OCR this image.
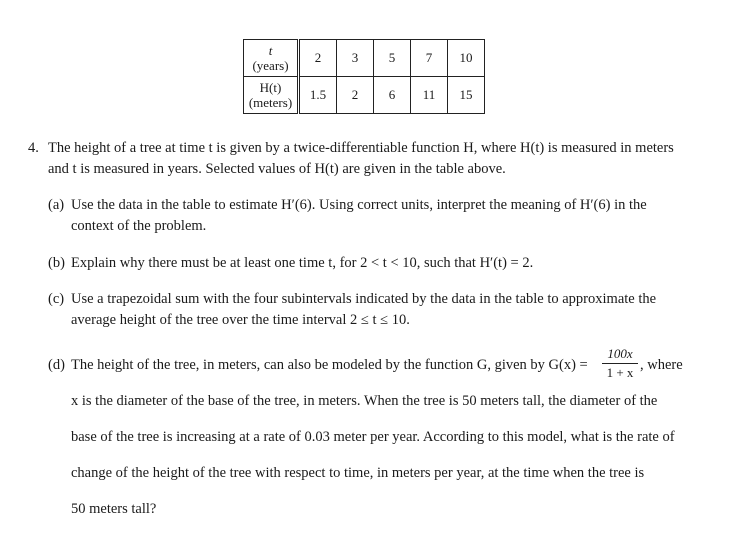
t
(years)	2	3	5	7	10

H(t)
(meters)	1.5	2	6	11	15
4. The height of a tree at time t is given by a twice-differentiable function H, where H(t) is measured in meters
and t is measured in years. Selected values of H(t) are given in the table above.
(a) Use the data in the table to estimate H′(6). Using correct units, interpret the meaning of H′(6) in the
context of the problem.
(b) Explain why there must be at least one time t, for 2 < t < 10, such that H′(t) = 2.
(c) Use a trapezoidal sum with the four subintervals indicated by the data in the table to approximate the
average height of the tree over the time interval 2 ≤ t ≤ 10.
(d) The height of the tree, in meters, can also be modeled by the function G, given by G(x) =
100x
1 + x , where
x is the diameter of the base of the tree, in meters. When the tree is 50 meters tall, the diameter of the
base of the tree is increasing at a rate of 0.03 meter per year. According to this model, what is the rate of
change of the height of the tree with respect to time, in meters per year, at the time when the tree is
50 meters tall?
